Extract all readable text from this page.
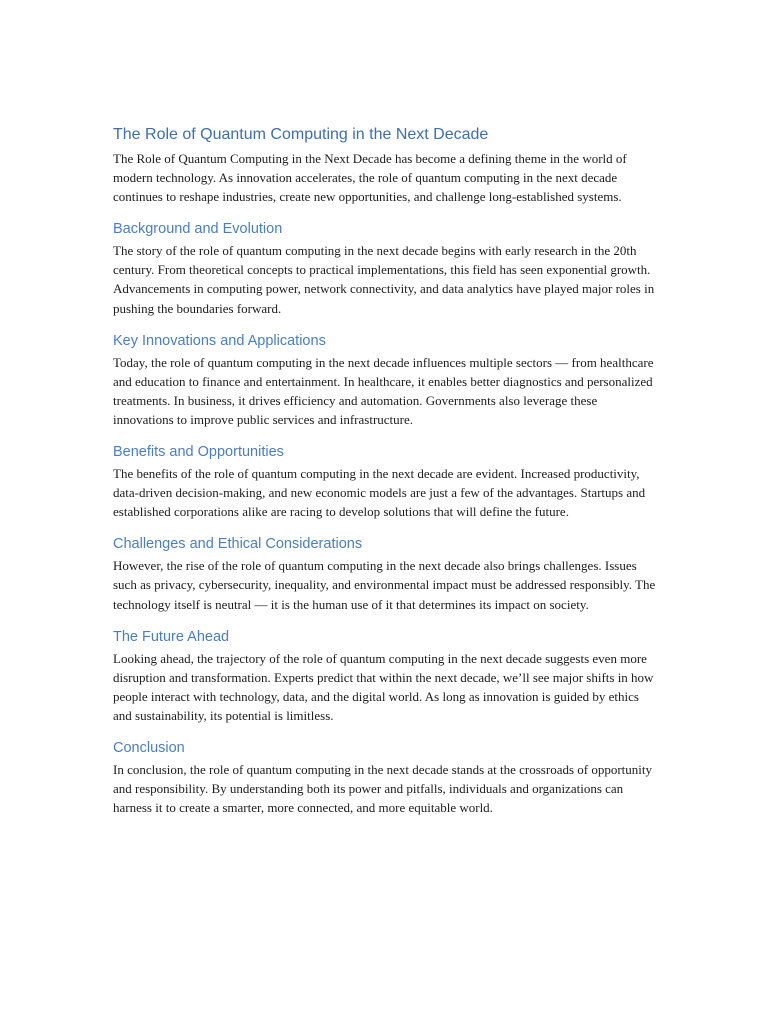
The Role of Quantum Computing in the Next Decade

The Role of Quantum Computing in the Next Decade has become a defining theme in the world of modern technology. As innovation accelerates, the role of quantum computing in the next decade continues to reshape industries, create new opportunities, and challenge long-established systems.

Background and Evolution

The story of the role of quantum computing in the next decade begins with early research in the 20th century. From theoretical concepts to practical implementations, this field has seen exponential growth. Advancements in computing power, network connectivity, and data analytics have played major roles in pushing the boundaries forward.

Key Innovations and Applications

Today, the role of quantum computing in the next decade influences multiple sectors — from healthcare and education to finance and entertainment. In healthcare, it enables better diagnostics and personalized treatments. In business, it drives efficiency and automation. Governments also leverage these innovations to improve public services and infrastructure.

Benefits and Opportunities

The benefits of the role of quantum computing in the next decade are evident. Increased productivity, data-driven decision-making, and new economic models are just a few of the advantages. Startups and established corporations alike are racing to develop solutions that will define the future.

Challenges and Ethical Considerations

However, the rise of the role of quantum computing in the next decade also brings challenges. Issues such as privacy, cybersecurity, inequality, and environmental impact must be addressed responsibly. The technology itself is neutral — it is the human use of it that determines its impact on society.

The Future Ahead

Looking ahead, the trajectory of the role of quantum computing in the next decade suggests even more disruption and transformation. Experts predict that within the next decade, we’ll see major shifts in how people interact with technology, data, and the digital world. As long as innovation is guided by ethics and sustainability, its potential is limitless.

Conclusion

In conclusion, the role of quantum computing in the next decade stands at the crossroads of opportunity and responsibility. By understanding both its power and pitfalls, individuals and organizations can harness it to create a smarter, more connected, and more equitable world.
